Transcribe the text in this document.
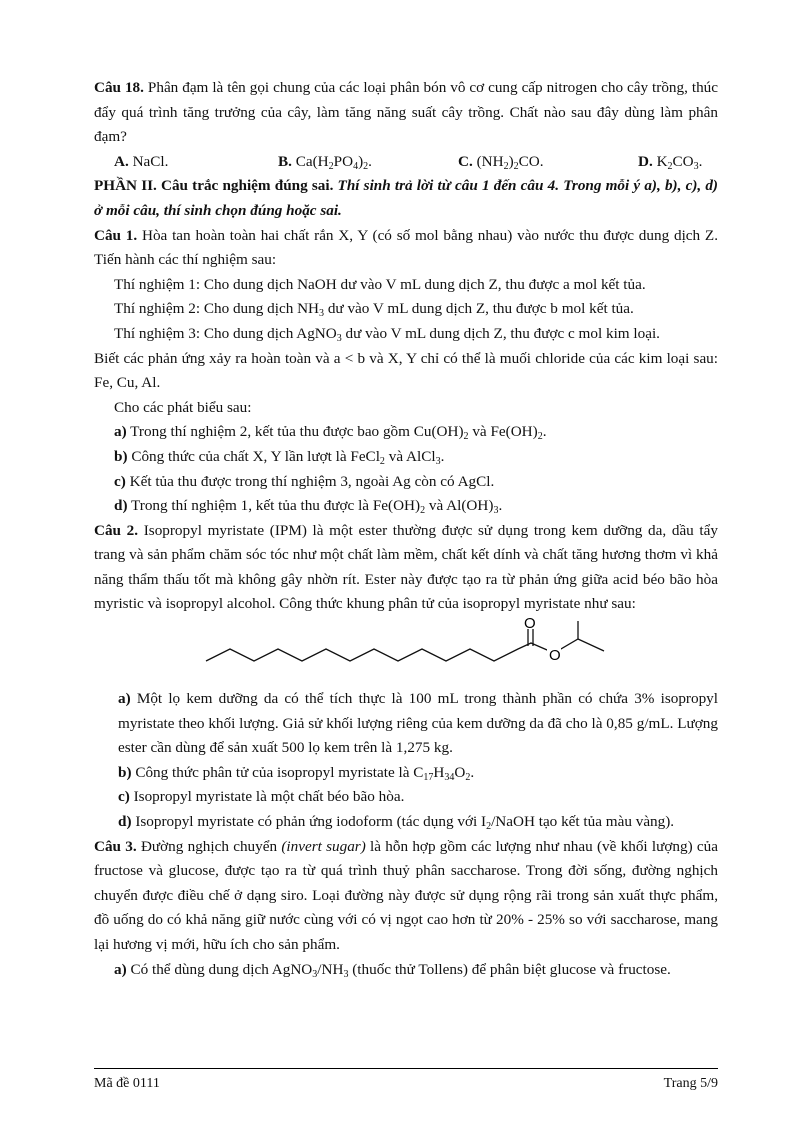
Câu 18. Phân đạm là tên gọi chung của các loại phân bón vô cơ cung cấp nitrogen cho cây trồng, thúc đẩy quá trình tăng trưởng của cây, làm tăng năng suất cây trồng. Chất nào sau đây dùng làm phân đạm?

A. NaCl.	B. $Ca(H_2PO_4)_2$.	C. $(NH_2)_2CO$.	D. $K_2CO_3$.

PHẦN II. Câu trắc nghiệm đúng sai. Thí sinh trả lời từ câu 1 đến câu 4. Trong mỗi ý a), b), c), d) ở mỗi câu, thí sinh chọn đúng hoặc sai.

Câu 1. Hòa tan hoàn toàn hai chất rắn X, Y (có số mol bằng nhau) vào nước thu được dung dịch Z. Tiến hành các thí nghiệm sau:

Thí nghiệm 1: Cho dung dịch NaOH dư vào V mL dung dịch Z, thu được a mol kết tủa.

Thí nghiệm 2: Cho dung dịch $NH_3$ dư vào V mL dung dịch Z, thu được b mol kết tủa.

Thí nghiệm 3: Cho dung dịch AgNO$_3$ dư vào V mL dung dịch Z, thu được c mol kim loại.

Biết các phản ứng xảy ra hoàn toàn và a < b và X, Y chỉ có thể là muối chloride của các kim loại sau: Fe, Cu, Al.

Cho các phát biểu sau:

a) Trong thí nghiệm 2, kết tủa thu được bao gồm $Cu(OH)_2$ và $Fe(OH)_2$.

b) Công thức của chất X, Y lần lượt là FeCl$_2$ và AlCl$_3$.

c) Kết tủa thu được trong thí nghiệm 3, ngoài Ag còn có AgCl.

d) Trong thí nghiệm 1, kết tủa thu được là $Fe(OH)_2$ và $Al(OH)_3$.

Câu 2. Isopropyl myristate (IPM) là một ester thường được sử dụng trong kem dưỡng da, dầu tẩy trang và sản phẩm chăm sóc tóc như một chất làm mềm, chất kết dính và chất tăng hương thơm vì khả năng thẩm thấu tốt mà không gây nhờn rít. Ester này được tạo ra từ phản ứng giữa acid béo bão hòa myristic và isopropyl alcohol. Công thức khung phân tử của isopropyl myristate như sau:

O
O

a) Một lọ kem dưỡng da có thể tích thực là 100 mL trong thành phần có chứa 3% isopropyl myristate theo khối lượng. Giả sử khối lượng riêng của kem dưỡng da đã cho là 0,85 g/mL. Lượng ester cần dùng để sản xuất 500 lọ kem trên là 1,275 kg.

b) Công thức phân tử của isopropyl myristate là $C_{17}H_{34}O_2$.

c) Isopropyl myristate là một chất béo bão hòa.

d) Isopropyl myristate có phản ứng iodoform (tác dụng với $I_2$/NaOH tạo kết tủa màu vàng).

Câu 3. Đường nghịch chuyển (invert sugar) là hỗn hợp gồm các lượng như nhau (về khối lượng) của fructose và glucose, được tạo ra từ quá trình thuỷ phân saccharose. Trong đời sống, đường nghịch chuyển được điều chế ở dạng siro. Loại đường này được sử dụng rộng rãi trong sản xuất thực phẩm, đồ uống do có khả năng giữ nước cùng với có vị ngọt cao hơn từ 20% - 25% so với saccharose, mang lại hương vị mới, hữu ích cho sản phẩm.

a) Có thể dùng dung dịch $AgNO_3/NH_3$ (thuốc thử Tollens) để phân biệt glucose và fructose.

Mã đề 0111	Trang 5/9
